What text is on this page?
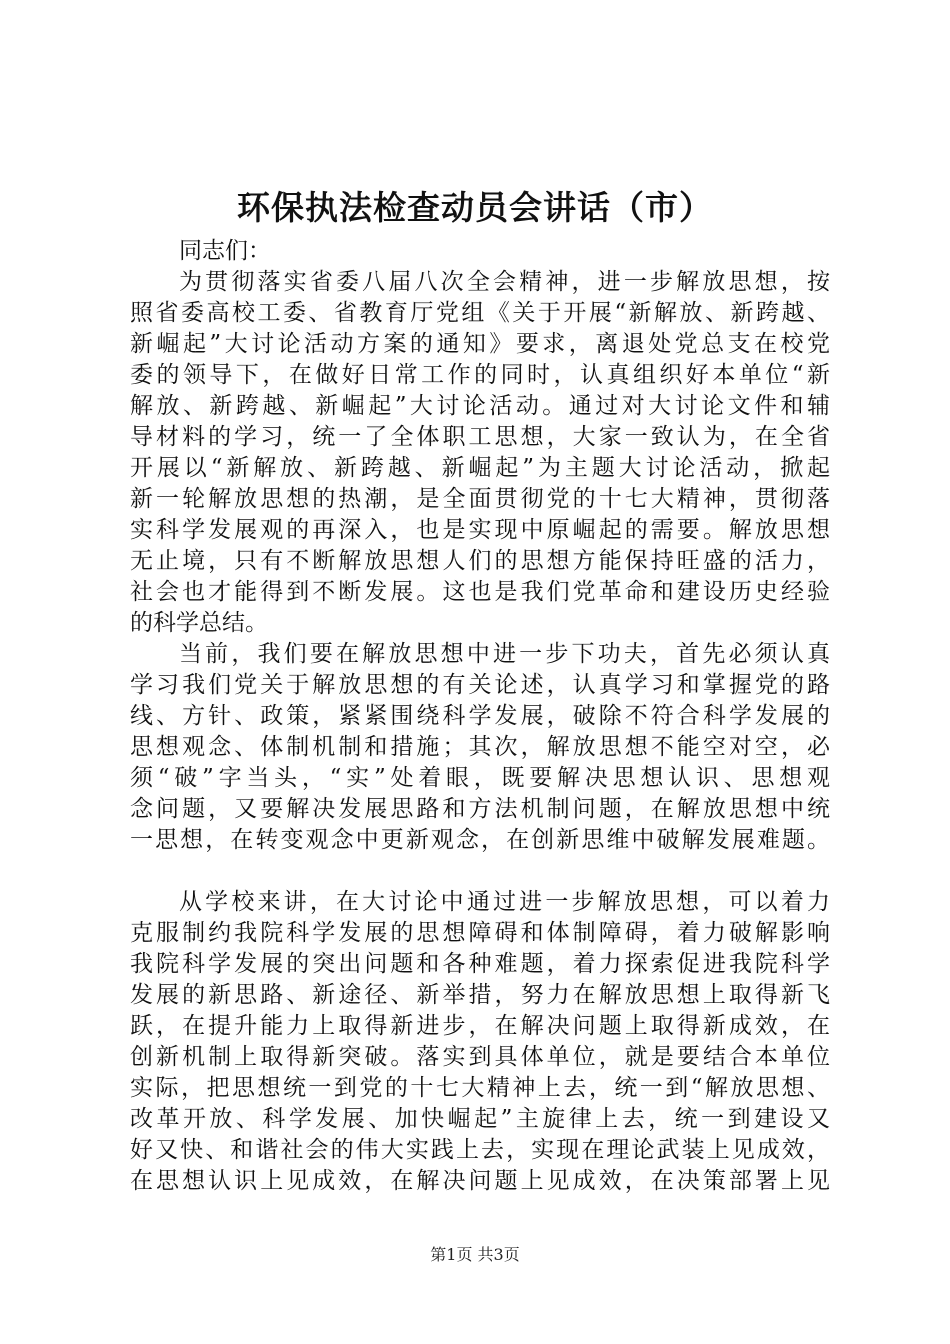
环保执法检查动员会讲话（市）
同志们：
为贯彻落实省委八届八次全会精神，进一步解放思想，按
照省委高校工委、省教育厅党组《关于开展“新解放、新跨越、
新崛起”大讨论活动方案的通知》要求，离退处党总支在校党
委的领导下，在做好日常工作的同时，认真组织好本单位“新
解放、新跨越、新崛起”大讨论活动。通过对大讨论文件和辅
导材料的学习，统一了全体职工思想，大家一致认为，在全省
开展以“新解放、新跨越、新崛起”为主题大讨论活动，掀起
新一轮解放思想的热潮，是全面贯彻党的十七大精神，贯彻落
实科学发展观的再深入，也是实现中原崛起的需要。解放思想
无止境，只有不断解放思想人们的思想方能保持旺盛的活力，
社会也才能得到不断发展。这也是我们党革命和建设历史经验
的科学总结。
当前，我们要在解放思想中进一步下功夫，首先必须认真
学习我们党关于解放思想的有关论述，认真学习和掌握党的路
线、方针、政策，紧紧围绕科学发展，破除不符合科学发展的
思想观念、体制机制和措施；其次，解放思想不能空对空，必
须“破”字当头，“实”处着眼，既要解决思想认识、思想观
念问题，又要解决发展思路和方法机制问题，在解放思想中统
一思想，在转变观念中更新观念，在创新思维中破解发展难题。
从学校来讲，在大讨论中通过进一步解放思想，可以着力
克服制约我院科学发展的思想障碍和体制障碍，着力破解影响
我院科学发展的突出问题和各种难题，着力探索促进我院科学
发展的新思路、新途径、新举措，努力在解放思想上取得新飞
跃，在提升能力上取得新进步，在解决问题上取得新成效，在
创新机制上取得新突破。落实到具体单位，就是要结合本单位
实际，把思想统一到党的十七大精神上去，统一到“解放思想、
改革开放、科学发展、加快崛起”主旋律上去，统一到建设又
好又快、和谐社会的伟大实践上去，实现在理论武装上见成效，
在思想认识上见成效，在解决问题上见成效，在决策部署上见
第1页 共3页
